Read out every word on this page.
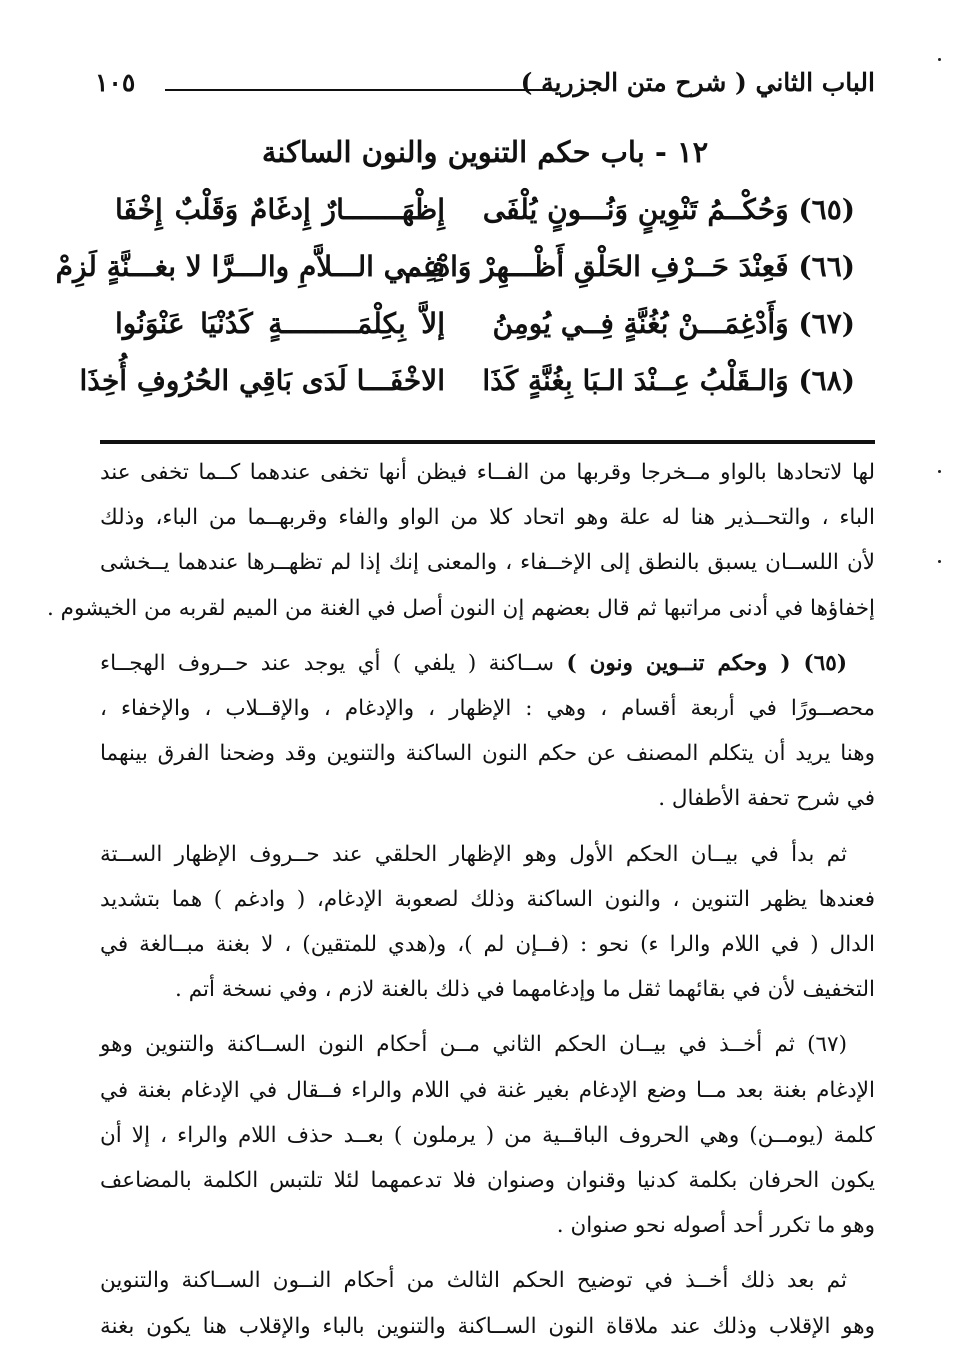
الباب الثاني ( شرح متن الجزرية )
١٠٥
١٢ - باب حكم التنوين والنون الساكنة
(٦٥) وَحُكْــمُ تَنْوِينٍ وَنُـــونٍ يُلْفَى
إِظْهَـــــــارٌ إِدغَامٌ وَقَلْبٌ إِخْفَا
(٦٦) فَعِنْدَ حَــرْفِ الحَلْقِ أَظْـــهِرْ وَادْغِم
فِـــي الـــلاَّمِ والـــرَّا لا بغـــنَّةٍ لَزِمْ
(٦٧) وَأَدْغِمَـــنْ بُغُنَّةٍ فِــي يُومِنُ
إلاَّ بِكِلْمَـــــــــةٍ كَدُنْيَا عَنْوَنُوا
(٦٨) وَالـقَلْبُ عِــنْدَ الـبَا بِغُنَّةٍ كَذَا
الاخْفَـــا لَدَى بَاقِي الحُرُوفِ أُخِذَا

لها لاتحادها بالواو مــخرجا وقربها من الفــاء فيظن أنها تخفى عندهما كــما تخفى عند
الباء ، والتحــذير هنا له علة وهو اتحاد كلا من الواو والفاء وقربهــما من الباء، وذلك
لأن اللســان يسبق بالنطق إلى الإخــفاء ، والمعنى إنك إذا لم تظهــرها عندهما يــخشى
إخفاؤها في أدنى مراتبها ثم قال بعضهم إن النون أصل في الغنة من الميم لقربه من الخيشوم .

(٦٥) ( وحكم تنــوين ونون ) ســاكنة ( يلفي ) أي يوجد عند حــروف الهجــاء
محصــورًا في أربعة أقسام ، وهي : الإظهار ، والإدغام ، والإقــلاب ، والإخفاء ،
وهنا يريد أن يتكلم المصنف عن حكم النون الساكنة والتنوين وقد وضحنا الفرق بينهما
في شرح تحفة الأطفال .

ثم بدأ في بيــان الحكم الأول وهو الإظهار الحلقي عند حــروف الإظهار الســتة
فعندها يظهر التنوين ، والنون الساكنة وذلك لصعوبة الإدغام، ( وادغم ) هما بتشديد
الدال ( في اللام والرا ء) نحو : (فــإن لم )، و(هدي للمتقين) ، لا بغنة مبــالغة في
التخفيف لأن في بقائهما ثقل ما وإدغامهما في ذلك بالغنة لازم ، وفي نسخة أتم .

(٦٧) ثم أخــذ في بيــان الحكم الثاني مــن أحكام النون الســاكنة والتنوين وهو
الإدغام بغنة بعد مــا وضع الإدغام بغير غنة في اللام والراء فــقال في الإدغام بغنة في
كلمة (يومــن) وهي الحروف الباقــية من ( يرملون ) بعــد حذف اللام والراء ، إلا أن
يكون الحرفان بكلمة كدنيا وقنوان وصنوان فلا تدعمهما لئلا تلتبس الكلمة بالمضاعف
وهو ما تكرر أحد أصوله نحو صنوان .

ثم بعد ذلك أخــذ في توضيح الحكم الثالث من أحكام النــون الســاكنة والتنوين
وهو الإقلاب وذلك عند ملاقاة النون الســاكنة والتنوين بالباء والإقلاب هنا يكون بغنة
